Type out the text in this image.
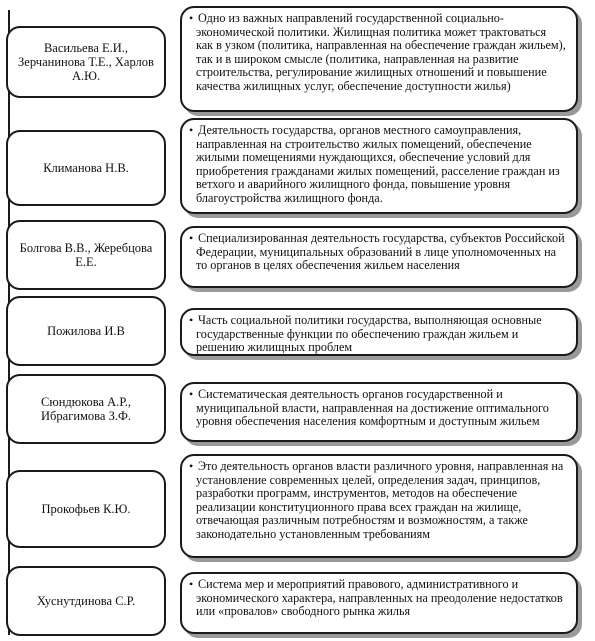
Васильева Е.И., Зерчанинова Т.Е., Харлов А.Ю.
• Одно из важных направлений государственной социально-экономической политики. Жилищная политика может трактоваться как в узком (политика, направленная на обеспечение граждан жильем), так и в широком смысле (политика, направленная на развитие строительства, регулирование жилищных отношений и повышение качества жилищных услуг, обеспечение доступности жилья)
Климанова Н.В.
• Деятельность государства, органов местного самоуправления, направленная на строительство жилых помещений, обеспечение жилыми помещениями нуждающихся, обеспечение условий для приобретения гражданами жилых помещений, расселение граждан из ветхого и аварийного жилищного фонда, повышение уровня благоустройства жилищного фонда.
Болгова В.В., Жеребцова Е.Е.
• Специализированная деятельность государства, субъектов Российской Федерации, муниципальных образований в лице уполномоченных на то органов в целях обеспечения жильем населения
Пожилова И.В
• Часть социальной политики государства, выполняющая основные государственные функции по обеспечению граждан жильем и решению жилищных проблем
Сюндюкова А.Р., Ибрагимова З.Ф.
• Систематическая деятельность органов государственной и муниципальной власти, направленная на достижение оптимального уровня обеспечения населения комфортным и доступным жильем
Прокофьев К.Ю.
• Это деятельность органов власти различного уровня, направленная на установление современных целей, определения задач, принципов, разработки программ, инструментов, методов на обеспечение реализации конституционного права всех граждан на жилище, отвечающая различным потребностям и возможностям, а также законодательно установленным требованиям
Хуснутдинова С.Р.
• Система мер и мероприятий правового, административного и экономического характера, направленных на преодоление недостатков или «провалов» свободного рынка жилья
